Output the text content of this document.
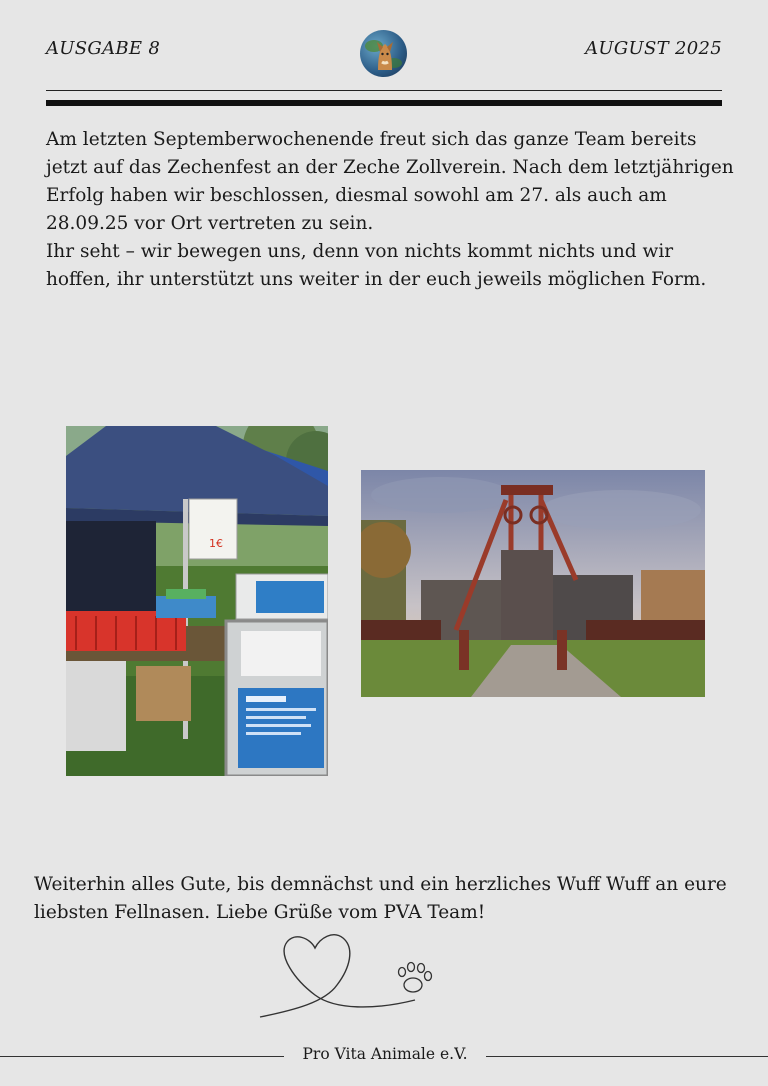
AUSGABE 8	AUGUST 2025

Am letzten Septemberwochenende freut sich das ganze Team bereits jetzt auf das Zechenfest an der Zeche Zollverein. Nach dem letztjährigen Erfolg haben wir beschlossen, diesmal sowohl am 27. als auch am 28.09.25 vor Ort vertreten zu sein.

Ihr seht – wir bewegen uns, denn von nichts kommt nichts und wir hoffen, ihr unterstützt uns weiter in der euch jeweils möglichen Form.

1€
Weiterhin alles Gute, bis demnächst und ein herzliches Wuff Wuff an eure liebsten Fellnasen. Liebe Grüße vom PVA Team!
Pro Vita Animale e.V.
